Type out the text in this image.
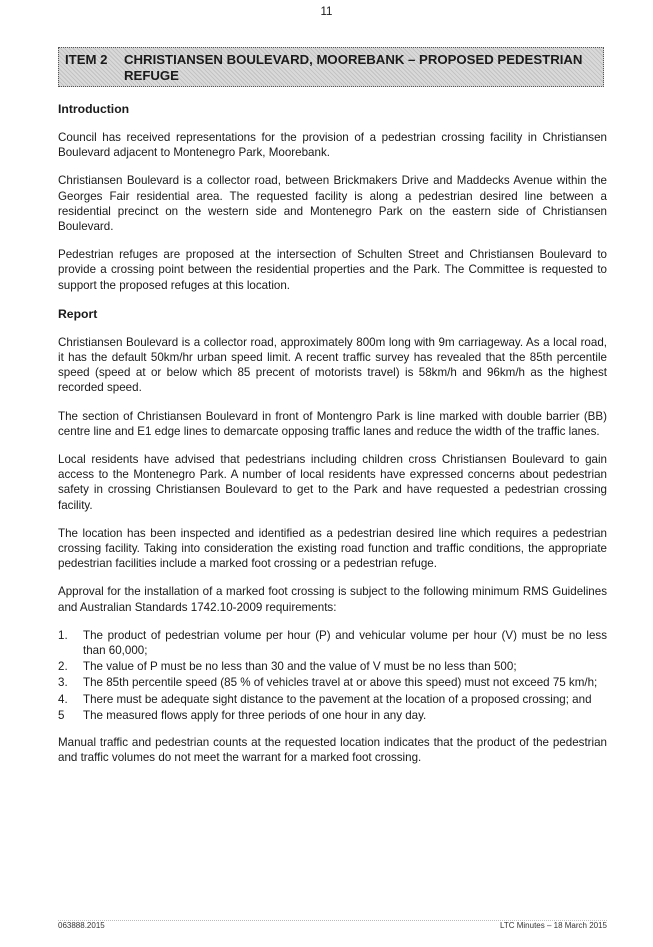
11
ITEM 2 CHRISTIANSEN BOULEVARD, MOOREBANK – PROPOSED PEDESTRIAN REFUGE
Introduction

Council has received representations for the provision of a pedestrian crossing facility in Christiansen Boulevard adjacent to Montenegro Park, Moorebank.

Christiansen Boulevard is a collector road, between Brickmakers Drive and Maddecks Avenue within the Georges Fair residential area. The requested facility is along a pedestrian desired line between a residential precinct on the western side and Montenegro Park on the eastern side of Christiansen Boulevard.

Pedestrian refuges are proposed at the intersection of Schulten Street and Christiansen Boulevard to provide a crossing point between the residential properties and the Park. The Committee is requested to support the proposed refuges at this location.

Report

Christiansen Boulevard is a collector road, approximately 800m long with 9m carriageway. As a local road, it has the default 50km/hr urban speed limit. A recent traffic survey has revealed that the 85th percentile speed (speed at or below which 85 precent of motorists travel) is 58km/h and 96km/h as the highest recorded speed.

The section of Christiansen Boulevard in front of Montengro Park is line marked with double barrier (BB) centre line and E1 edge lines to demarcate opposing traffic lanes and reduce the width of the traffic lanes.

Local residents have advised that pedestrians including children cross Christiansen Boulevard to gain access to the Montenegro Park. A number of local residents have expressed concerns about pedestrian safety in crossing Christiansen Boulevard to get to the Park and have requested a pedestrian crossing facility.

The location has been inspected and identified as a pedestrian desired line which requires a pedestrian crossing facility. Taking into consideration the existing road function and traffic conditions, the appropriate pedestrian facilities include a marked foot crossing or a pedestrian refuge.

Approval for the installation of a marked foot crossing is subject to the following minimum RMS Guidelines and Australian Standards 1742.10-2009 requirements:

1. The product of pedestrian volume per hour (P) and vehicular volume per hour (V) must be no less than 60,000;
2. The value of P must be no less than 30 and the value of V must be no less than 500;
3. The 85th percentile speed (85 % of vehicles travel at or above this speed) must not exceed 75 km/h;
4. There must be adequate sight distance to the pavement at the location of a proposed crossing; and
5 The measured flows apply for three periods of one hour in any day.

Manual traffic and pedestrian counts at the requested location indicates that the product of the pedestrian and traffic volumes do not meet the warrant for a marked foot crossing.

063888.2015	LTC Minutes – 18 March 2015
